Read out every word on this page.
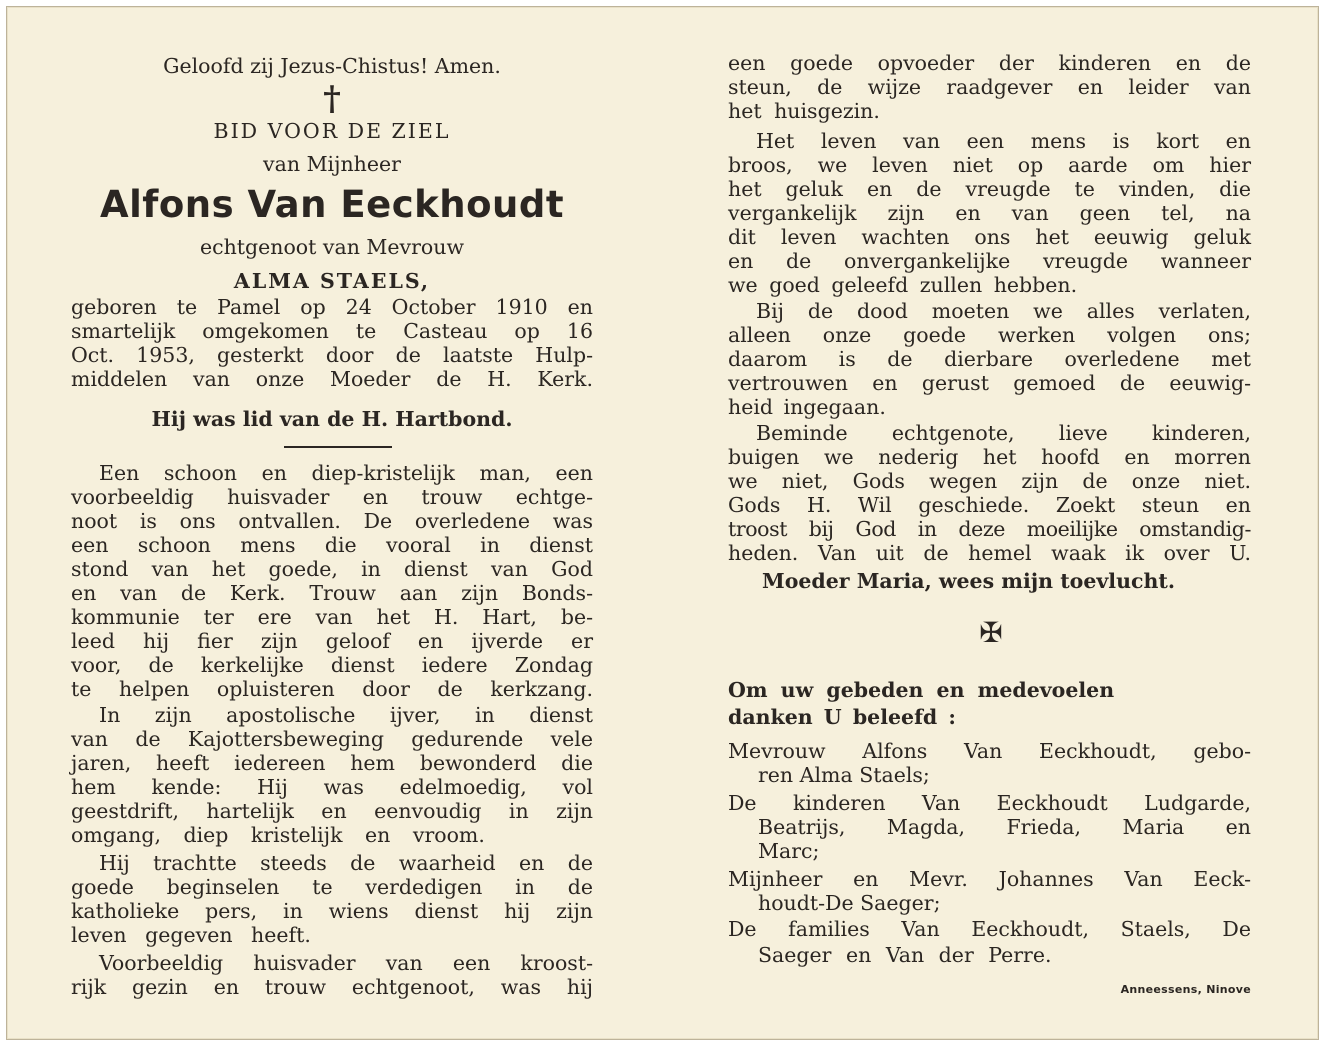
Geloofd zij Jezus-Chistus! Amen.
†
BID VOOR DE ZIEL
van Mijnheer
Alfons Van Eeckhoudt
echtgenoot van Mevrouw
ALMA STAELS,
geboren te Pamel op 24 October 1910 en
smartelijk omgekomen te Casteau op 16
Oct. 1953, gesterkt door de laatste Hulp-
middelen van onze Moeder de H. Kerk.
Hij was lid van de H. Hartbond.
Een schoon en diep-kristelijk man, een
voorbeeldig huisvader en trouw echtge-
noot is ons ontvallen. De overledene was
een schoon mens die vooral in dienst
stond van het goede, in dienst van God
en van de Kerk. Trouw aan zijn Bonds-
kommunie ter ere van het H. Hart, be-
leed hij fier zijn geloof en ijverde er
voor, de kerkelijke dienst iedere Zondag
te helpen opluisteren door de kerkzang.
In zijn apostolische ijver, in dienst
van de Kajottersbeweging gedurende vele
jaren, heeft iedereen hem bewonderd die
hem kende: Hij was edelmoedig, vol
geestdrift, hartelijk en eenvoudig in zijn
omgang, diep kristelijk en vroom.
Hij trachtte steeds de waarheid en de
goede beginselen te verdedigen in de
katholieke pers, in wiens dienst hij zijn
leven gegeven heeft.
Voorbeeldig huisvader van een kroost-
rijk gezin en trouw echtgenoot, was hij
een goede opvoeder der kinderen en de
steun, de wijze raadgever en leider van
het huisgezin.
Het leven van een mens is kort en
broos, we leven niet op aarde om hier
het geluk en de vreugde te vinden, die
vergankelijk zijn en van geen tel, na
dit leven wachten ons het eeuwig geluk
en de onvergankelijke vreugde wanneer
we goed geleefd zullen hebben.
Bij de dood moeten we alles verlaten,
alleen onze goede werken volgen ons;
daarom is de dierbare overledene met
vertrouwen en gerust gemoed de eeuwig-
heid ingegaan.
Beminde echtgenote, lieve kinderen,
buigen we nederig het hoofd en morren
we niet, Gods wegen zijn de onze niet.
Gods H. Wil geschiede. Zoekt steun en
troost bij God in deze moeilijke omstandig-
heden. Van uit de hemel waak ik over U.
Moeder Maria, wees mijn toevlucht.
✠
Om uw gebeden en medevoelen
danken U beleefd :
Mevrouw Alfons Van Eeckhoudt, gebo-
ren Alma Staels;
De kinderen Van Eeckhoudt Ludgarde,
Beatrijs, Magda, Frieda, Maria en
Marc;
Mijnheer en Mevr. Johannes Van Eeck-
houdt-De Saeger;
De families Van Eeckhoudt, Staels, De
Saeger en Van der Perre.
Anneessens, Ninove
